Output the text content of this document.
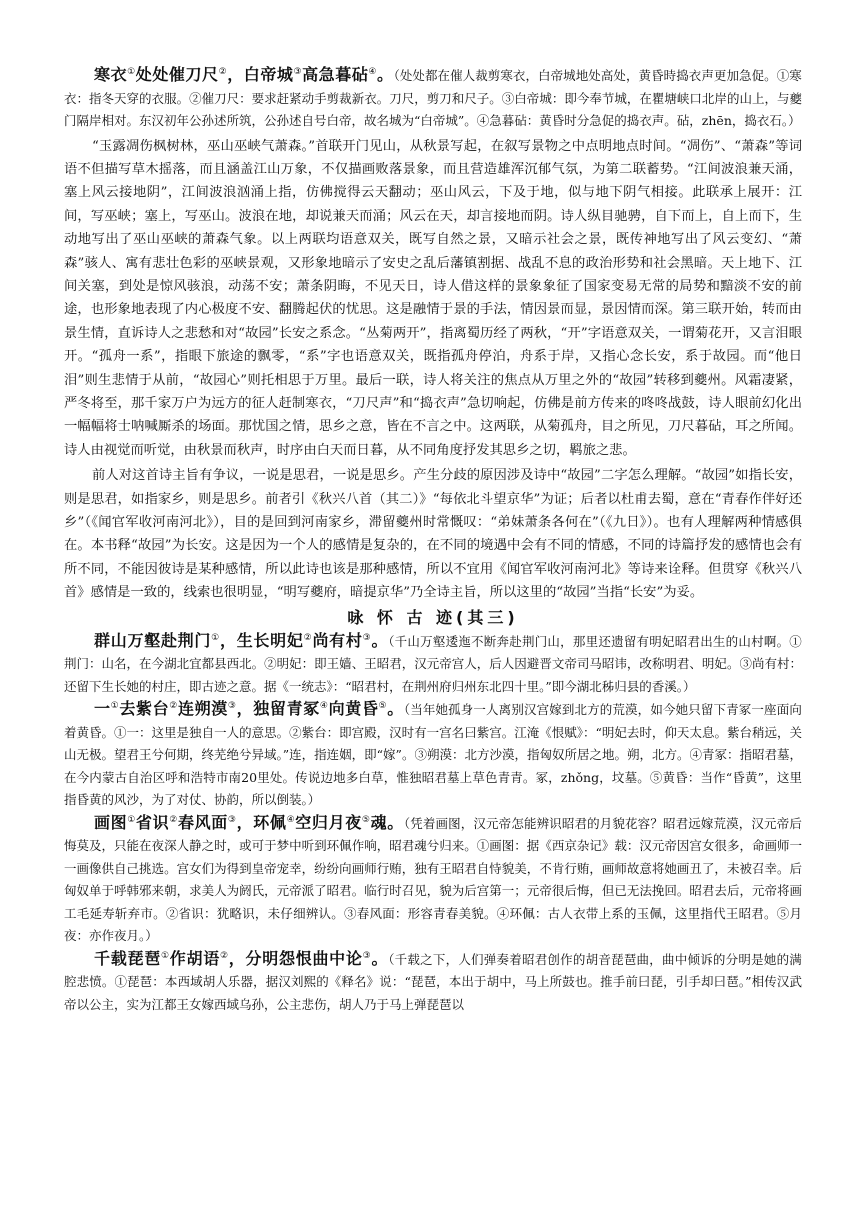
寒衣①处处催刀尺②，白帝城③高急暮砧④。（处处都在催人裁剪寒衣，白帝城地处高处，黄昏時捣衣声更加急促。①寒衣：指冬天穿的衣服。②催刀尺：要求赶紧动手剪裁新衣。刀尺，剪刀和尺子。③白帝城：即今奉节城，在瞿塘峡口北岸的山上，与夔门隔岸相对。东汉初年公孙述所筑，公孙述自号白帝，故名城为“白帝城”。④急暮砧：黄昏时分急促的捣衣声。砧，zhēn，捣衣石。）

“玉露凋伤枫树林，巫山巫峡气萧森。”首联开门见山，从秋景写起，在叙写景物之中点明地点时间。“凋伤”、“萧森”等词语不但描写草木摇落，而且涵盖江山万象，不仅描画败落景象，而且营造雄浑沉郁气氛，为第二联蓄势。“江间波浪兼天涌，塞上风云接地阴”，江间波浪汹涌上指，仿佛搅得云天翻动；巫山风云，下及于地，似与地下阴气相接。此联承上展开：江间，写巫峡；塞上，写巫山。波浪在地，却说兼天而涌；风云在天，却言接地而阴。诗人纵目驰骋，自下而上，自上而下，生动地写出了巫山巫峡的萧森气象。以上两联均语意双关，既写自然之景，又暗示社会之景，既传神地写出了风云变幻、“萧森”骇人、寓有悲壮色彩的巫峡景观，又形象地暗示了安史之乱后藩镇割据、战乱不息的政治形势和社会黑暗。天上地下、江间关塞，到处是惊风骇浪，动荡不安；萧条阴晦，不见天日，诗人借这样的景象象征了国家变易无常的局势和黯淡不安的前途，也形象地表现了内心极度不安、翻腾起伏的忧思。这是融情于景的手法，情因景而显，景因情而深。第三联开始，转而由景生情，直诉诗人之悲愁和对“故园”长安之系念。“丛菊两开”，指离蜀历经了两秋，“开”字语意双关，一谓菊花开，又言泪眼开。“孤舟一系”，指眼下旅途的飘零，“系”字也语意双关，既指孤舟停泊，舟系于岸，又指心念长安，系于故园。而“他日泪”则生悲情于从前，“故园心”则托相思于万里。最后一联，诗人将关注的焦点从万里之外的“故园”转移到夔州。风霜凄紧，严冬将至，那千家万户为远方的征人赶制寒衣，“刀尺声”和“捣衣声”急切响起，仿佛是前方传来的咚咚战鼓，诗人眼前幻化出一幅幅将士呐喊厮杀的场面。那忧国之情，思乡之意，皆在不言之中。这两联，从菊孤舟，目之所见，刀尺暮砧，耳之所闻。诗人由视觉而听觉，由秋景而秋声，时序由白天而日暮，从不同角度抒发其思乡之切，羁旅之悲。

前人对这首诗主旨有争议，一说是思君，一说是思乡。产生分歧的原因涉及诗中“故园”二字怎么理解。“故园”如指长安，则是思君，如指家乡，则是思乡。前者引《秋兴八首（其二）》“每依北斗望京华”为证；后者以杜甫去蜀，意在“青春作伴好还乡”（《闻官军收河南河北》），目的是回到河南家乡，滞留夔州时常慨叹：“弟妹萧条各何在”（《九日》）。也有人理解两种情感俱在。本书释“故园”为长安。这是因为一个人的感情是复杂的，在不同的境遇中会有不同的情感，不同的诗篇抒发的感情也会有所不同，不能因彼诗是某种感情，所以此诗也该是那种感情，所以不宜用《闻官军收河南河北》等诗来诠释。但贯穿《秋兴八首》感情是一致的，线索也很明显，“明写夔府，暗提京华”乃全诗主旨，所以这里的“故园”当指“长安”为妥。

咏 怀 古 迹(其三)

群山万壑赴荆门①，生长明妃②尚有村③。（千山万壑逶迤不断奔赴荆门山，那里还遗留有明妃昭君出生的山村啊。①荆门：山名，在今湖北宜都县西北。②明妃：即王嫱、王昭君，汉元帝宫人，后人因避晋文帝司马昭讳，改称明君、明妃。③尚有村：还留下生长她的村庄，即古迹之意。据《一统志》：“昭君村，在荆州府归州东北四十里。”即今湖北秭归县的香溪。）

一①去紫台②连朔漠③，独留青冢④向黄昏⑤。（当年她孤身一人离别汉宫嫁到北方的荒漠，如今她只留下青冢一座面向着黄昏。①一：这里是独自一人的意思。②紫台：即宫殿，汉时有一宫名曰紫宫。江淹《恨赋》：“明妃去时，仰天太息。紫台稍远，关山无极。望君王兮何期，终芜绝兮异域。”连，指连姻，即“嫁”。③朔漠：北方沙漠，指匈奴所居之地。朔，北方。④青冢：指昭君墓，在今内蒙古自治区呼和浩特市南20里处。传说边地多白草，惟独昭君墓上草色青青。冢，zhǒng，坟墓。⑤黄昏：当作“昏黄”，这里指昏黄的风沙，为了对仗、协韵，所以倒装。）

画图①省识②春风面③，环佩④空归月夜⑤魂。（凭着画图，汉元帝怎能辨识昭君的月貌花容？昭君远嫁荒漠，汉元帝后悔莫及，只能在夜深人静之时，或可于梦中听到环佩作响，昭君魂兮归来。①画图：据《西京杂记》载：汉元帝因宫女很多，命画师一一画像供自己挑选。宫女们为得到皇帝宠幸，纷纷向画师行贿，独有王昭君自恃貌美，不肯行贿，画师故意将她画丑了，未被召幸。后匈奴单于呼韩邪来朝，求美人为阏氏，元帝派了昭君。临行时召见，貌为后宫第一；元帝很后悔，但已无法挽回。昭君去后，元帝将画工毛延寿斩弃市。②省识：犹略识，未仔细辨认。③春风面：形容青春美貌。④环佩：古人衣带上系的玉佩，这里指代王昭君。⑤月夜：亦作夜月。）

千载琵琶①作胡语②，分明怨恨曲中论③。（千载之下，人们弹奏着昭君创作的胡音琵琶曲，曲中倾诉的分明是她的满腔悲愤。①琵琶：本西域胡人乐器，据汉刘熙的《释名》说：“琵琶，本出于胡中，马上所鼓也。推手前曰琵，引手却曰琶。”相传汉武帝以公主，实为江都王女嫁西域乌孙，公主悲伤，胡人乃于马上弹琵琶以
